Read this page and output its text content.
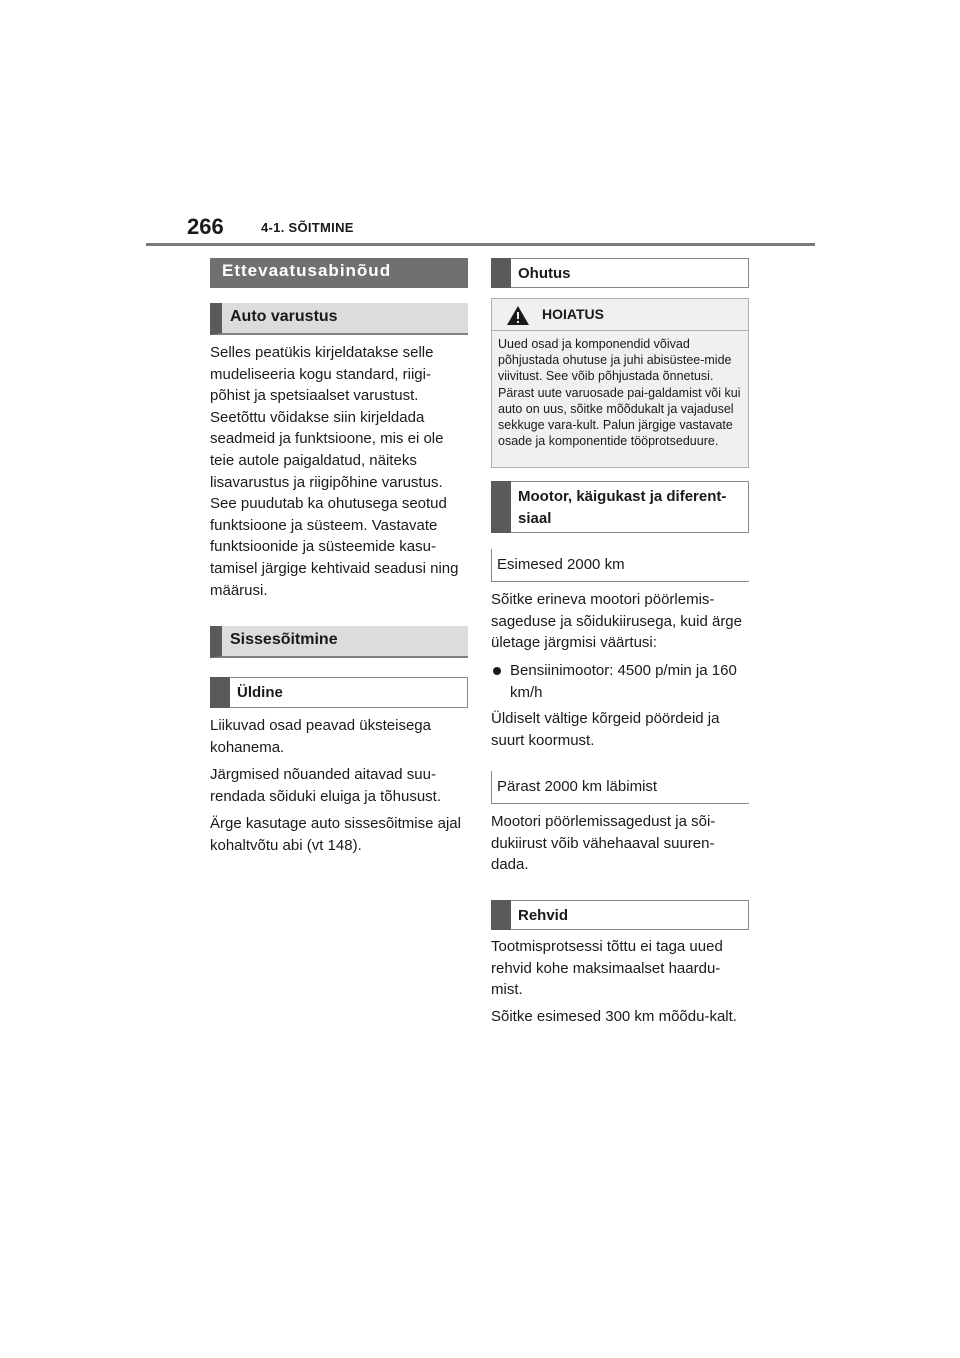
266	4-1. SÕITMINE
Ettevaatusabinõud
Auto varustus

Selles peatükis kirjeldatakse selle mudeliseeria kogu standard, riigi-põhist ja spetsiaalset varustust. Seetõttu võidakse siin kirjeldada seadmeid ja funktsioone, mis ei ole teie autole paigaldatud, näiteks lisavarustus ja riigipõhine varustus. See puudutab ka ohutusega seotud funktsioone ja süsteem. Vastavate funktsioonide ja süsteemide kasu-tamisel järgige kehtivaid seadusi ning määrusi.

Sissesõitmine
Üldine

Liikuvad osad peavad üksteisega kohanema.

Järgmised nõuanded aitavad suu-rendada sõiduki eluiga ja tõhusust.

Ärge kasutage auto sissesõitmise ajal kohaltvõtu abi (vt 148).

Ohutus
HOIATUS
Uued osad ja komponendid võivad põhjustada ohutuse ja juhi abisüstee-mide viivitust. See võib põhjustada õnnetusi. Pärast uute varuosade pai-galdamist või kui auto on uus, sõitke mõõdukalt ja vajadusel sekkuge vara-kult. Palun järgige vastavate osade ja komponentide tööprotseduure.
Mootor, käigukast ja diferent-siaal
Esimesed 2000 km

Sõitke erineva mootori pöörlemis-sageduse ja sõidukiirusega, kuid ärge ületage järgmisi väärtusi:

Bensiinimootor: 4500 p/min ja 160 km/h

Üldiselt vältige kõrgeid pöördeid ja suurt koormust.

Pärast 2000 km läbimist

Mootori pöörlemissagedust ja sõi-dukiirust võib vähehaaval suuren-dada.

Rehvid

Tootmisprotsessi tõttu ei taga uued rehvid kohe maksimaalset haardu-mist.

Sõitke esimesed 300 km mõõdu-kalt.
